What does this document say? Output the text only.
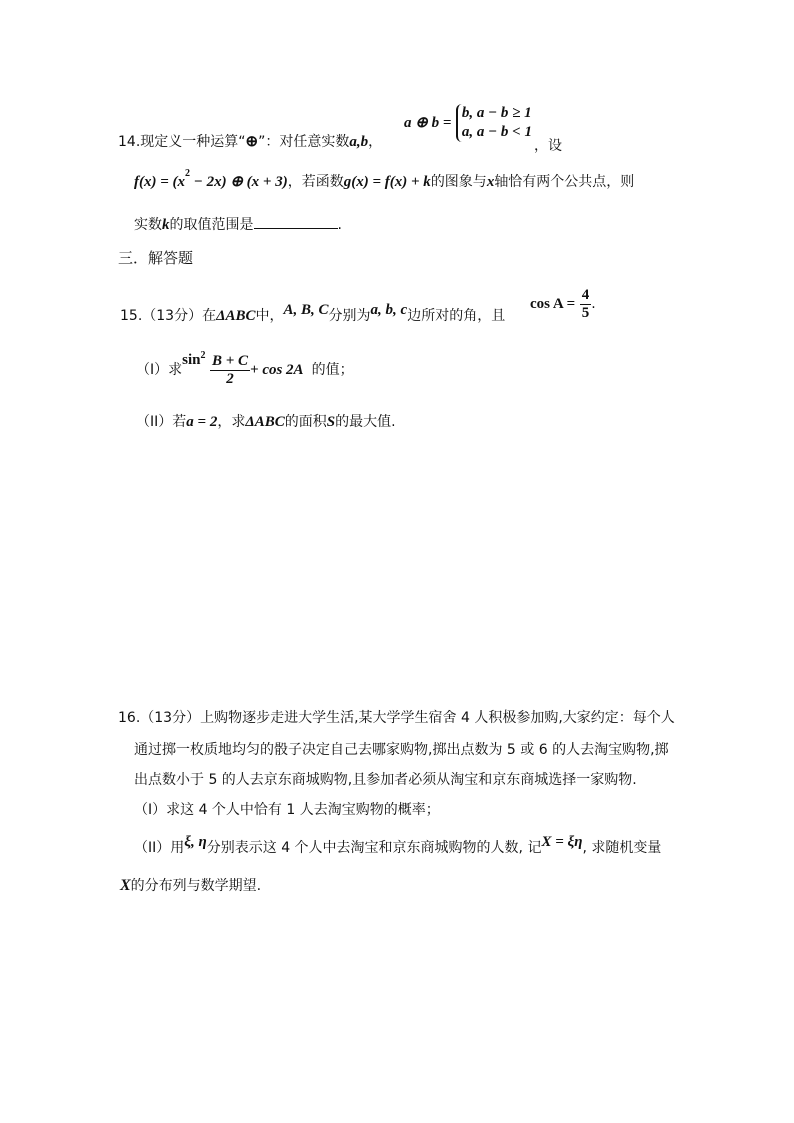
14.现定义一种运算“⊕”：对任意实数a,b，
a ⊕ b =
b, a − b ≥ 1
a, a − b < 1
，设
$f(x) = (x^2 - 2x)$ ⊕ (x + 3)，若函数g(x) = f(x) + k的图象与x轴恰有两个公共点，则
实数k的取值范围是	.
三．解答题
15.（13分）在ΔABC中，A, B, C分别为a, b, c边所对的角，且
$\cos A = \frac{4}{5}$ .
（I）求$\sin^2 \frac{B + C}{2} + \cos 2A$ 的值；
（II）若a = 2，求ΔABC的面积S的最大值.
16.（13分）上购物逐步走进大学生活,某大学学生宿舍 4 人积极参加购,大家约定：每个人
通过掷一枚质地均匀的骰子决定自己去哪家购物,掷出点数为 5 或 6 的人去淘宝购物,掷
出点数小于 5 的人去京东商城购物,且参加者必须从淘宝和京东商城选择一家购物.
（I）求这 4 个人中恰有 1 人去淘宝购物的概率；
（II）用ξ, η分别表示这 4 个人中去淘宝和京东商城购物的人数, 记X = ξη, 求随机变量
X的分布列与数学期望.
